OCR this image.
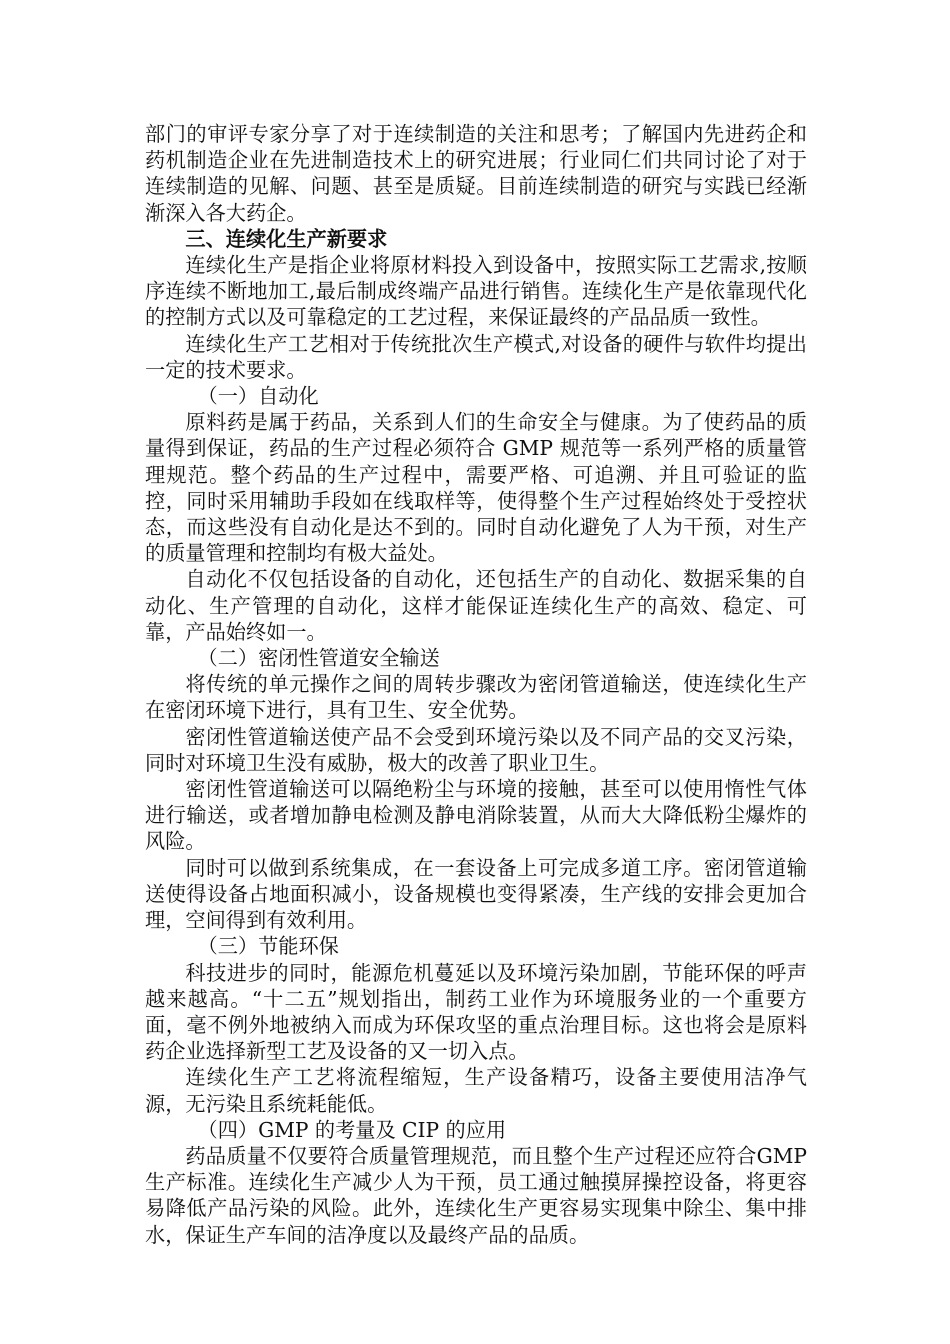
部门的审评专家分享了对于连续制造的关注和思考；了解国内先进药企和药机制造企业在先进制造技术上的研究进展；行业同仁们共同讨论了对于连续制造的见解、问题、甚至是质疑。目前连续制造的研究与实践已经渐渐深入各大药企。

三、连续化生产新要求

连续化生产是指企业将原材料投入到设备中，按照实际工艺需求,按顺序连续不断地加工,最后制成终端产品进行销售。连续化生产是依靠现代化的控制方式以及可靠稳定的工艺过程，来保证最终的产品品质一致性。

连续化生产工艺相对于传统批次生产模式,对设备的硬件与软件均提出一定的技术要求。

（一）自动化

原料药是属于药品，关系到人们的生命安全与健康。为了使药品的质量得到保证，药品的生产过程必须符合 GMP 规范等一系列严格的质量管理规范。整个药品的生产过程中，需要严格、可追溯、并且可验证的监控，同时采用辅助手段如在线取样等，使得整个生产过程始终处于受控状态，而这些没有自动化是达不到的。同时自动化避免了人为干预，对生产的质量管理和控制均有极大益处。

自动化不仅包括设备的自动化，还包括生产的自动化、数据采集的自动化、生产管理的自动化，这样才能保证连续化生产的高效、稳定、可靠，产品始终如一。

（二）密闭性管道安全输送

将传统的单元操作之间的周转步骤改为密闭管道输送，使连续化生产在密闭环境下进行，具有卫生、安全优势。

密闭性管道输送使产品不会受到环境污染以及不同产品的交叉污染，同时对环境卫生没有威胁，极大的改善了职业卫生。

密闭性管道输送可以隔绝粉尘与环境的接触，甚至可以使用惰性气体进行输送，或者增加静电检测及静电消除装置，从而大大降低粉尘爆炸的风险。

同时可以做到系统集成，在一套设备上可完成多道工序。密闭管道输送使得设备占地面积减小，设备规模也变得紧凑，生产线的安排会更加合理，空间得到有效利用。

（三）节能环保

科技进步的同时，能源危机蔓延以及环境污染加剧，节能环保的呼声越来越高。“十二五”规划指出，制药工业作为环境服务业的一个重要方面，毫不例外地被纳入而成为环保攻坚的重点治理目标。这也将会是原料药企业选择新型工艺及设备的又一切入点。

连续化生产工艺将流程缩短，生产设备精巧，设备主要使用洁净气源，无污染且系统耗能低。

（四）GMP 的考量及 CIP 的应用

药品质量不仅要符合质量管理规范，而且整个生产过程还应符合GMP 生产标准。连续化生产减少人为干预，员工通过触摸屏操控设备，将更容易降低产品污染的风险。此外，连续化生产更容易实现集中除尘、集中排水，保证生产车间的洁净度以及最终产品的品质。
